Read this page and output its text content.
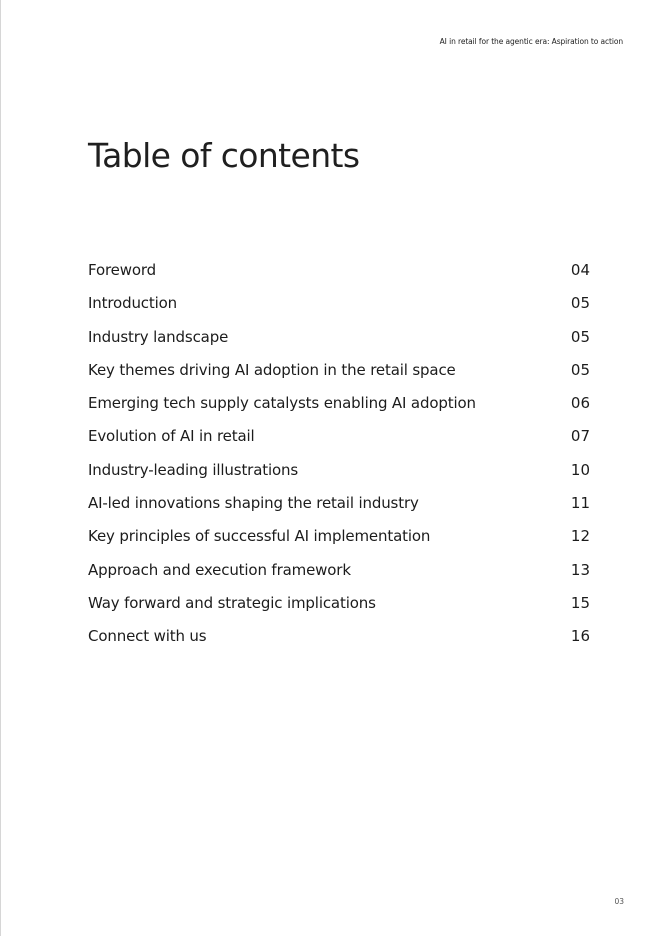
AI in retail for the agentic era: Aspiration to action
Table of contents
Foreword	04
Introduction	05
Industry landscape	05
Key themes driving AI adoption in the retail space	05
Emerging tech supply catalysts enabling AI adoption	06
Evolution of AI in retail	07
Industry-leading illustrations	10
AI-led innovations shaping the retail industry	11
Key principles of successful AI implementation	12
Approach and execution framework	13
Way forward and strategic implications	15
Connect with us	16
03
